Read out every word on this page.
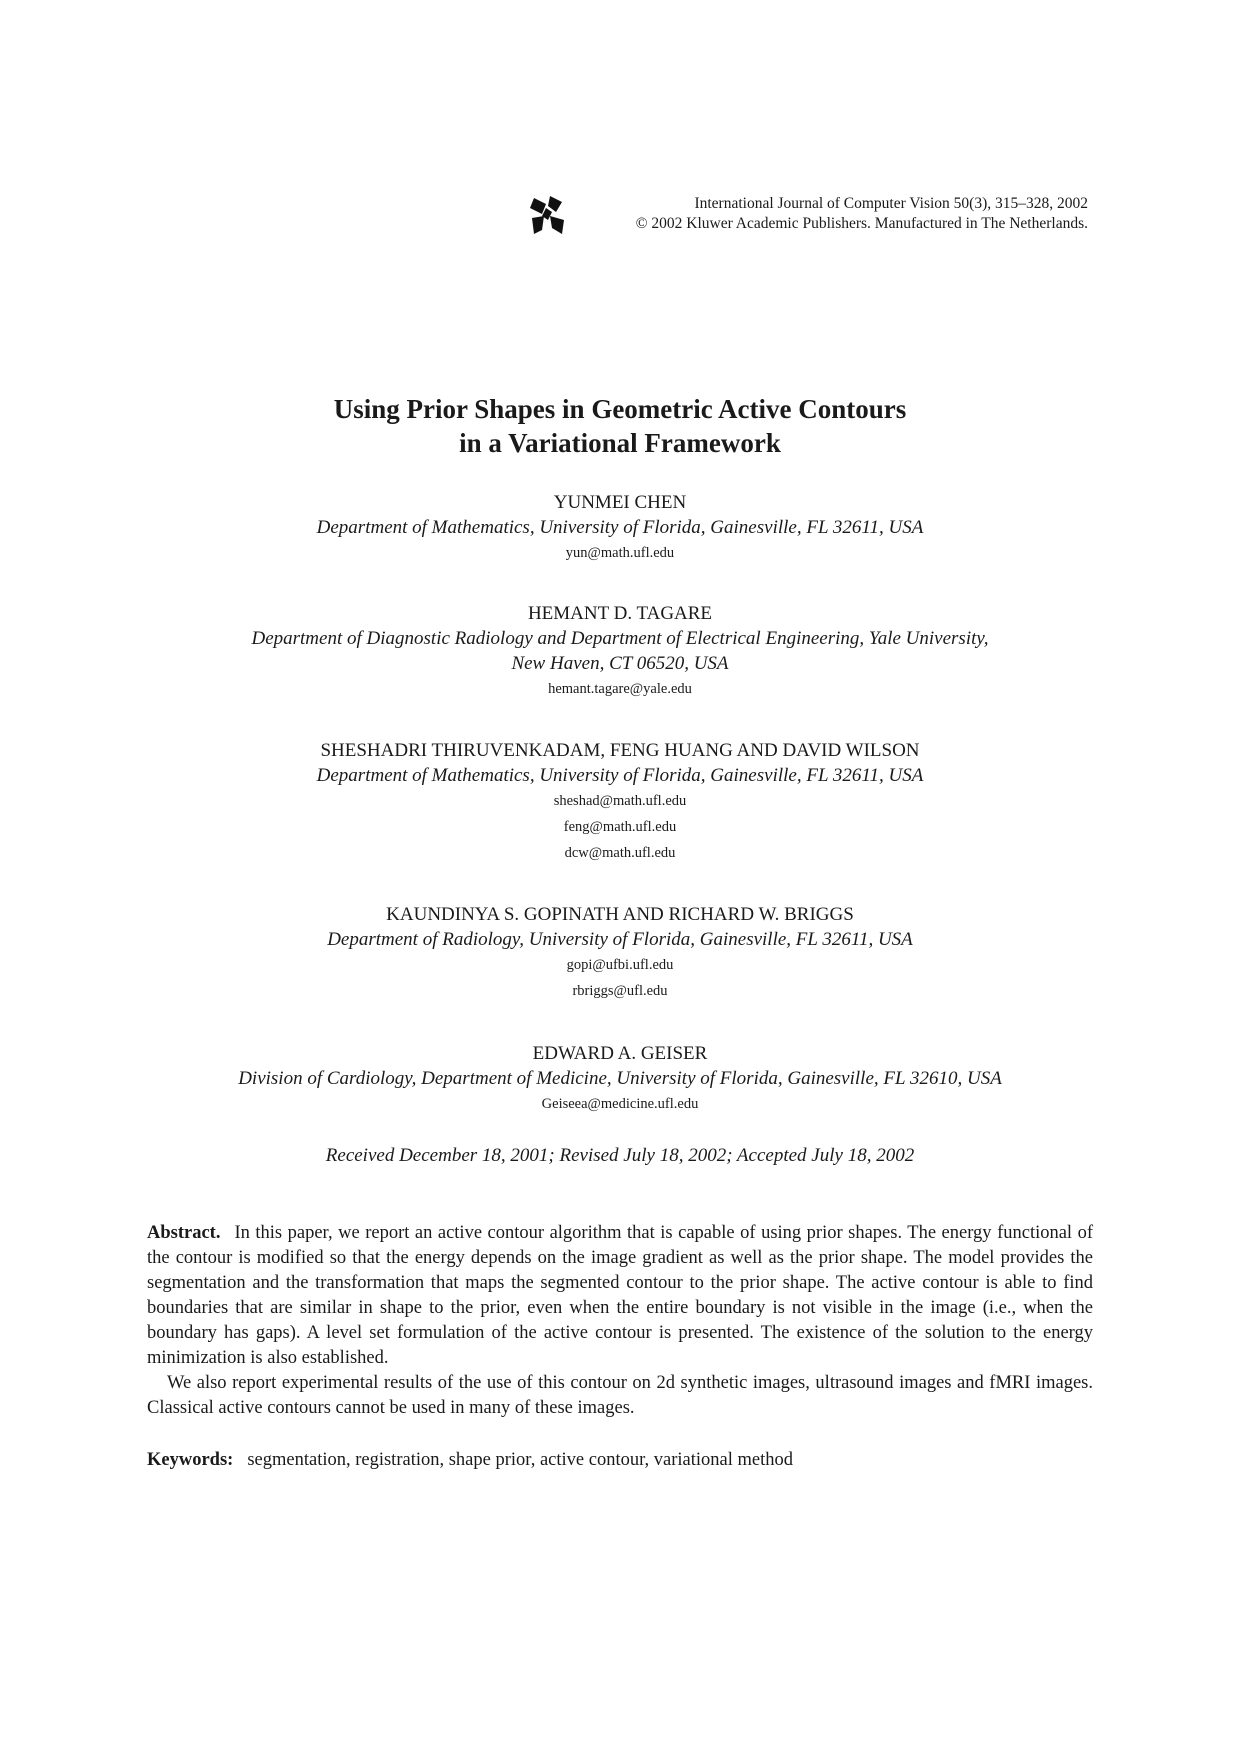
International Journal of Computer Vision 50(3), 315–328, 2002
© 2002 Kluwer Academic Publishers. Manufactured in The Netherlands.
Using Prior Shapes in Geometric Active Contours
in a Variational Framework
YUNMEI CHEN
Department of Mathematics, University of Florida, Gainesville, FL 32611, USA
yun@math.ufl.edu
HEMANT D. TAGARE
Department of Diagnostic Radiology and Department of Electrical Engineering, Yale University,
New Haven, CT 06520, USA
hemant.tagare@yale.edu
SHESHADRI THIRUVENKADAM, FENG HUANG AND DAVID WILSON
Department of Mathematics, University of Florida, Gainesville, FL 32611, USA
sheshad@math.ufl.edu
feng@math.ufl.edu
dcw@math.ufl.edu
KAUNDINYA S. GOPINATH AND RICHARD W. BRIGGS
Department of Radiology, University of Florida, Gainesville, FL 32611, USA
gopi@ufbi.ufl.edu
rbriggs@ufl.edu
EDWARD A. GEISER
Division of Cardiology, Department of Medicine, University of Florida, Gainesville, FL 32610, USA
Geiseea@medicine.ufl.edu
Received December 18, 2001; Revised July 18, 2002; Accepted July 18, 2002

Abstract. In this paper, we report an active contour algorithm that is capable of using prior shapes. The energy functional of the contour is modified so that the energy depends on the image gradient as well as the prior shape. The model provides the segmentation and the transformation that maps the segmented contour to the prior shape. The active contour is able to find boundaries that are similar in shape to the prior, even when the entire boundary is not visible in the image (i.e., when the boundary has gaps). A level set formulation of the active contour is presented. The existence of the solution to the energy minimization is also established.

We also report experimental results of the use of this contour on 2d synthetic images, ultrasound images and fMRI images. Classical active contours cannot be used in many of these images.

Keywords: segmentation, registration, shape prior, active contour, variational method
